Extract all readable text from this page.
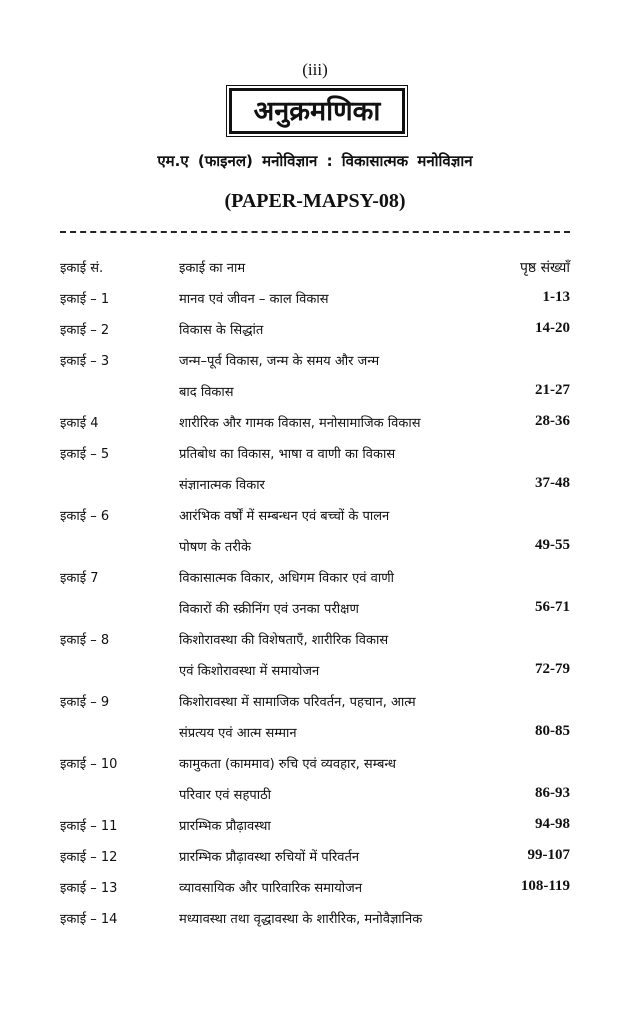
(iii)
अनुक्रमणिका
एम.ए (फाइनल) मनोविज्ञान : विकासात्मक मनोविज्ञान
(PAPER-MAPSY-08)
इकाई सं.	इकाई का नाम	पृष्ठ संख्याँ
इकाई – 1	मानव एवं जीवन – काल विकास	1-13
इकाई – 2	विकास के सिद्धांत	14-20
इकाई – 3	जन्म–पूर्व विकास, जन्म के समय और जन्म
बाद विकास	21-27
इकाई 4	शारीरिक और गामक विकास, मनोसामाजिक विकास	28-36
इकाई – 5	प्रतिबोध का विकास, भाषा व वाणी का विकास
संज्ञानात्मक विकार	37-48
इकाई – 6	आरंभिक वर्षों में सम्बन्धन एवं बच्चों के पालन
पोषण के तरीके	49-55
इकाई 7	विकासात्मक विकार, अधिगम विकार एवं वाणी
विकारों की स्क्रीनिंग एवं उनका परीक्षण	56-71
इकाई – 8	किशोरावस्था की विशेषताएँ, शारीरिक विकास
एवं किशोरावस्था में समायोजन	72-79
इकाई – 9	किशोरावस्था में सामाजिक परिवर्तन, पहचान, आत्म
संप्रत्यय एवं आत्म सम्मान	80-85
इकाई – 10	कामुकता (काममाव) रुचि एवं व्यवहार, सम्बन्ध
परिवार एवं सहपाठी	86-93
इकाई – 11	प्रारम्भिक प्रौढ़ावस्था	94-98
इकाई – 12	प्रारम्भिक प्रौढ़ावस्था रुचियों में परिवर्तन	99-107
इकाई – 13	व्यावसायिक और पारिवारिक समायोजन	108-119
इकाई – 14	मध्यावस्था तथा वृद्धावस्था के शारीरिक, मनोवैज्ञानिक
